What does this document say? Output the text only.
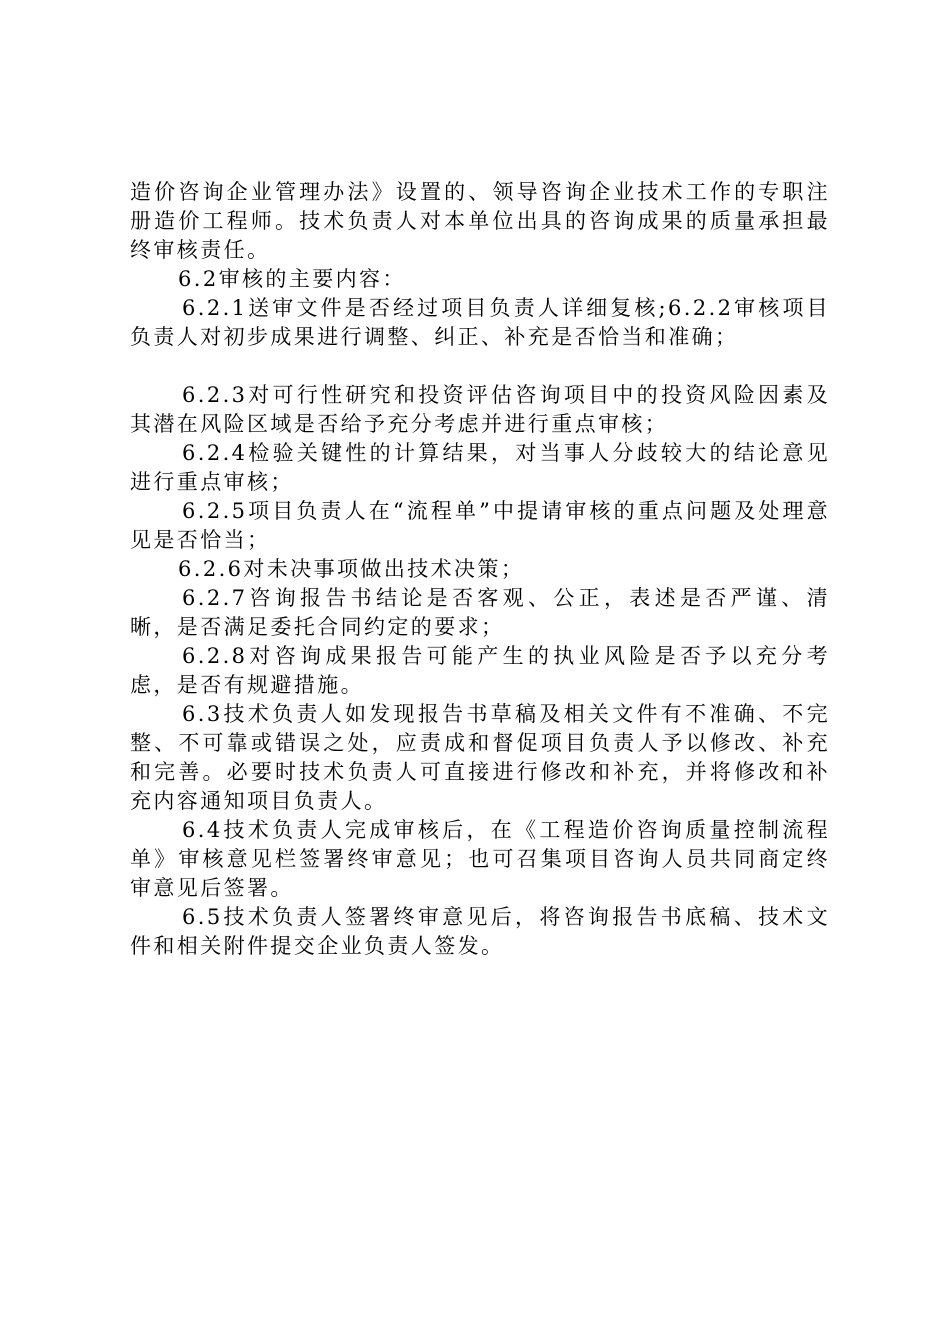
造价咨询企业管理办法》设置的、领导咨询企业技术工作的专职注册造价工程师。技术负责人对本单位出具的咨询成果的质量承担最终审核责任。

6.2审核的主要内容：

6.2.1送审文件是否经过项目负责人详细复核;6.2.2审核项目负责人对初步成果进行调整、纠正、补充是否恰当和准确；

6.2.3对可行性研究和投资评估咨询项目中的投资风险因素及其潜在风险区域是否给予充分考虑并进行重点审核；

6.2.4检验关键性的计算结果，对当事人分歧较大的结论意见进行重点审核；

6.2.5项目负责人在“流程单”中提请审核的重点问题及处理意见是否恰当；

6.2.6对未决事项做出技术决策；

6.2.7咨询报告书结论是否客观、公正，表述是否严谨、清晰，是否满足委托合同约定的要求；

6.2.8对咨询成果报告可能产生的执业风险是否予以充分考虑，是否有规避措施。

6.3技术负责人如发现报告书草稿及相关文件有不准确、不完整、不可靠或错误之处，应责成和督促项目负责人予以修改、补充和完善。必要时技术负责人可直接进行修改和补充，并将修改和补充内容通知项目负责人。

6.4技术负责人完成审核后，在《工程造价咨询质量控制流程单》审核意见栏签署终审意见；也可召集项目咨询人员共同商定终审意见后签署。

6.5技术负责人签署终审意见后，将咨询报告书底稿、技术文件和相关附件提交企业负责人签发。
